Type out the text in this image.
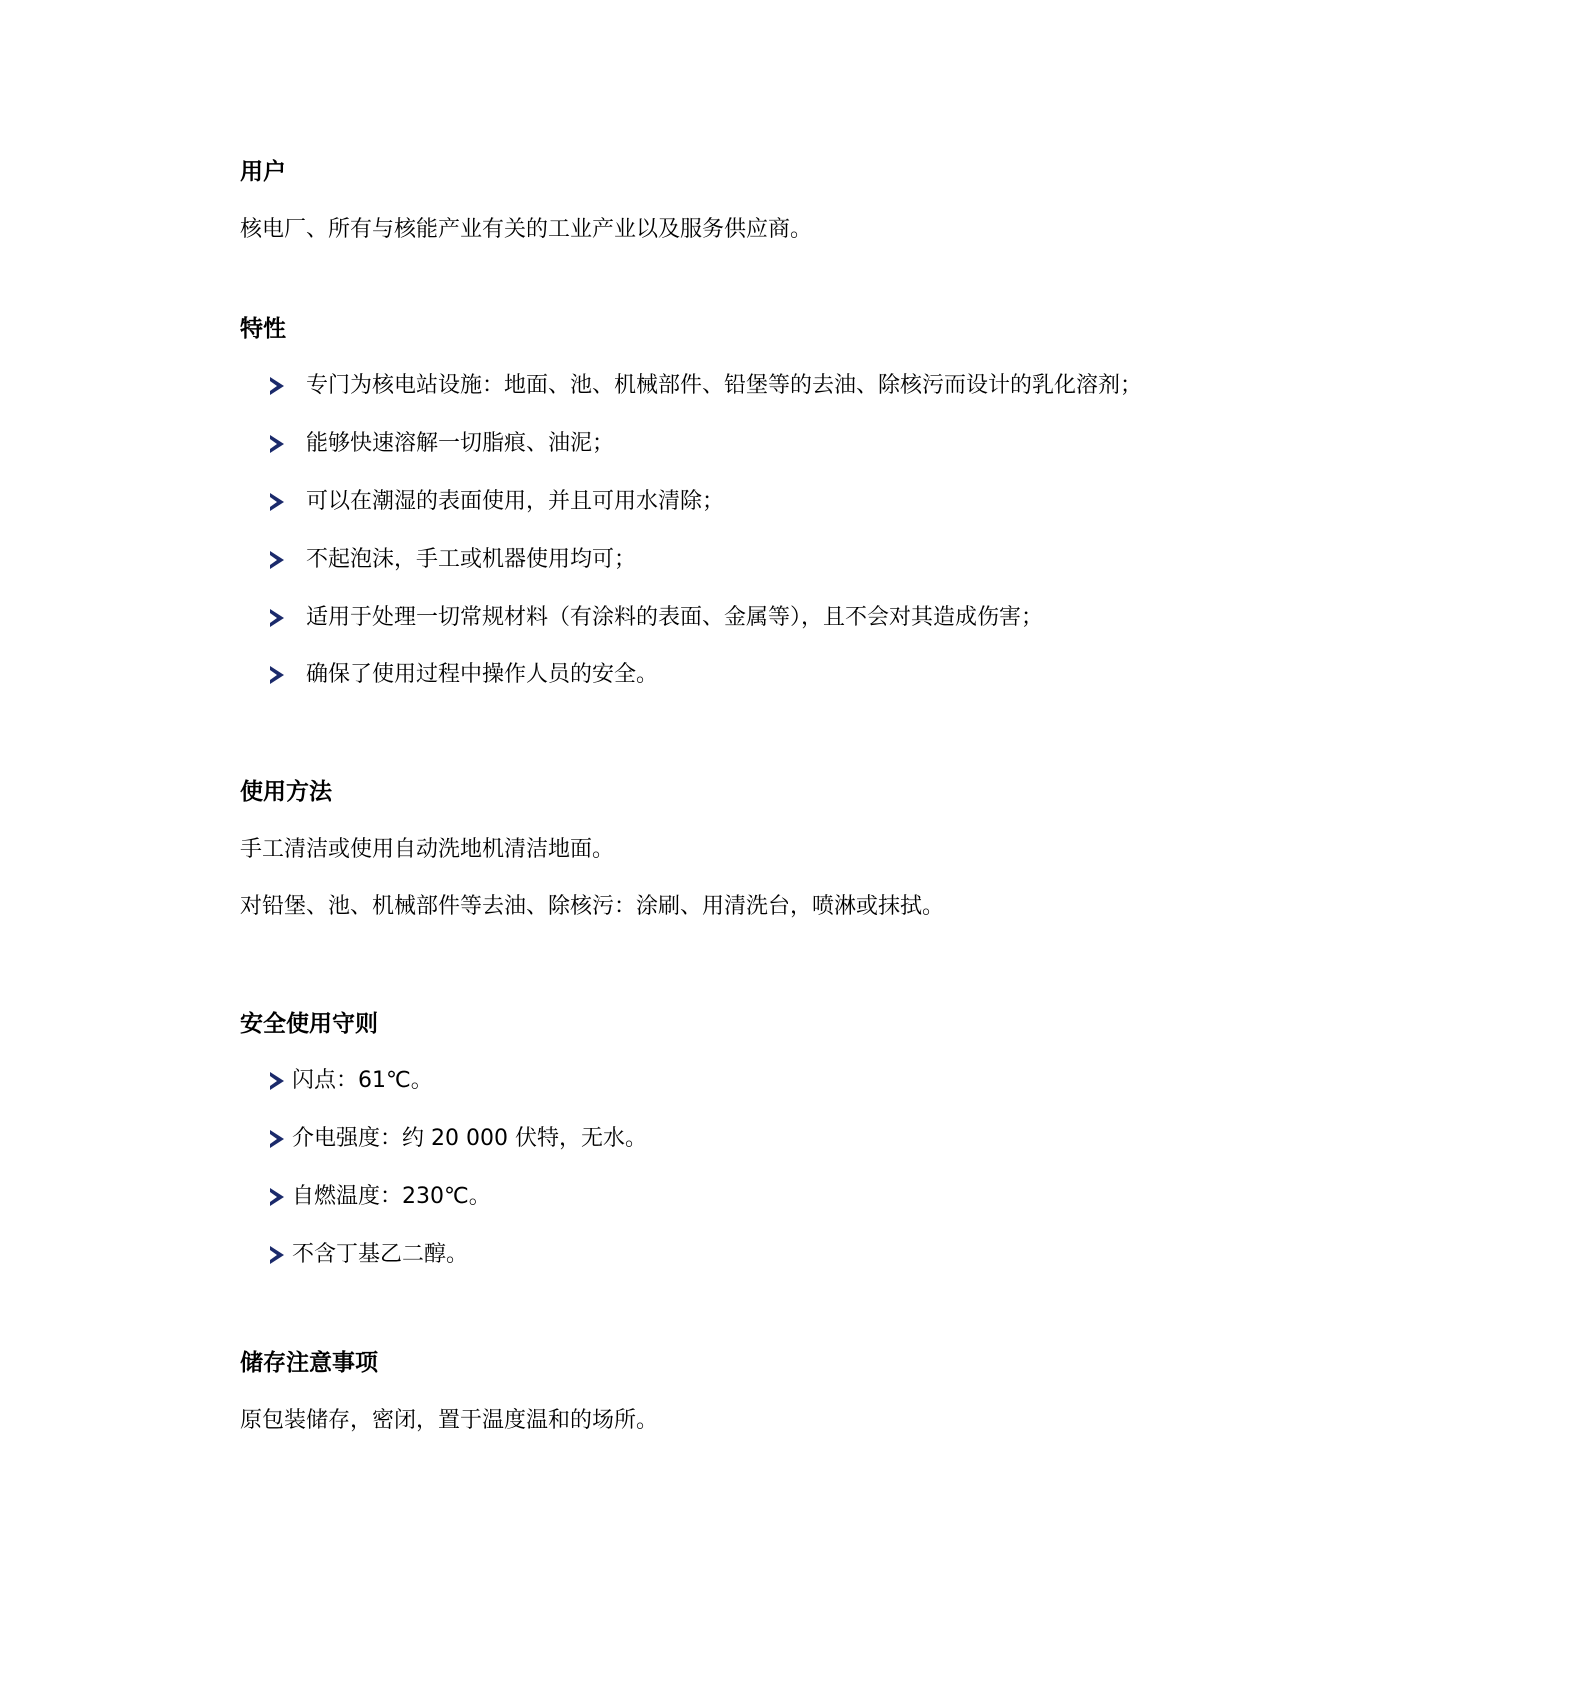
用户
核电厂、所有与核能产业有关的工业产业以及服务供应商。
特性
专门为核电站设施：地面、池、机械部件、铅堡等的去油、除核污而设计的乳化溶剂；
能够快速溶解一切脂痕、油泥；
可以在潮湿的表面使用，并且可用水清除；
不起泡沫，手工或机器使用均可；
适用于处理一切常规材料（有涂料的表面、金属等），且不会对其造成伤害；
确保了使用过程中操作人员的安全。
使用方法
手工清洁或使用自动洗地机清洁地面。
对铅堡、池、机械部件等去油、除核污：涂刷、用清洗台，喷淋或抹拭。
安全使用守则
闪点：61℃。
介电强度：约 20 000 伏特，无水。
自燃温度：230℃。
不含丁基乙二醇。
储存注意事项
原包装储存，密闭，置于温度温和的场所。
